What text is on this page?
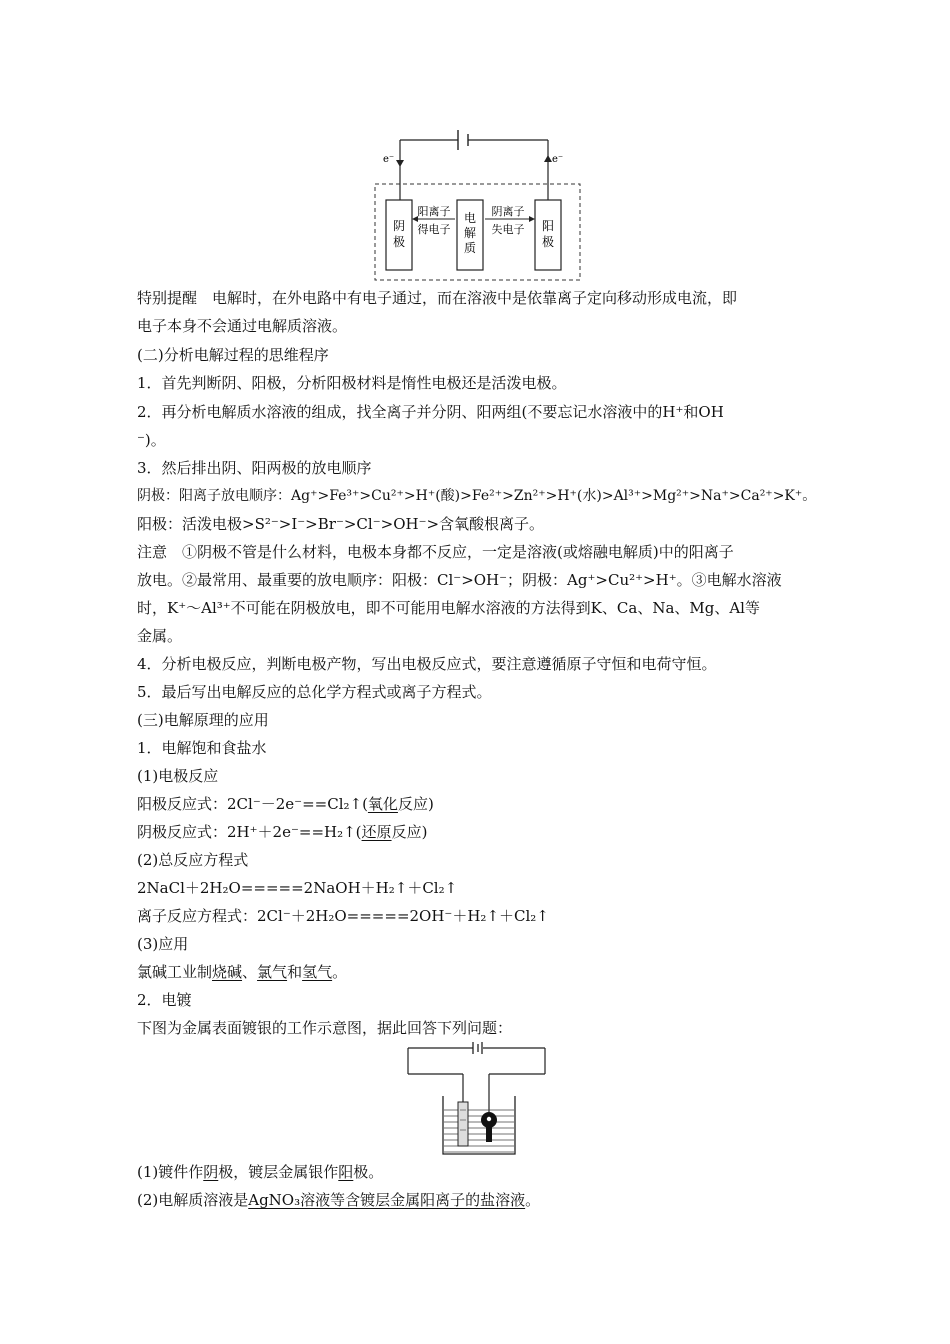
e⁻	e⁻
阴
极
阳
极
电
解
质
阳离子
得电子
阴离子
失电子
特别提醒　电解时，在外电路中有电子通过，而在溶液中是依靠离子定向移动形成电流，即
电子本身不会通过电解质溶液。
(二)分析电解过程的思维程序
1．首先判断阴、阳极，分析阳极材料是惰性电极还是活泼电极。
2．再分析电解质水溶液的组成，找全离子并分阴、阳两组(不要忘记水溶液中的H⁺和OH
⁻)。
3．然后排出阴、阳两极的放电顺序
阴极：阳离子放电顺序：Ag⁺>Fe³⁺>Cu²⁺>H⁺(酸)>Fe²⁺>Zn²⁺>H⁺(水)>Al³⁺>Mg²⁺>Na⁺>Ca²⁺>K⁺。
阳极：活泼电极>S²⁻>I⁻>Br⁻>Cl⁻>OH⁻>含氧酸根离子。
注意　①阴极不管是什么材料，电极本身都不反应，一定是溶液(或熔融电解质)中的阳离子
放电。②最常用、最重要的放电顺序：阳极：Cl⁻>OH⁻；阴极：Ag⁺>Cu²⁺>H⁺。③电解水溶液
时，K⁺～Al³⁺不可能在阴极放电，即不可能用电解水溶液的方法得到K、Ca、Na、Mg、Al等
金属。
4．分析电极反应，判断电极产物，写出电极反应式，要注意遵循原子守恒和电荷守恒。
5．最后写出电解反应的总化学方程式或离子方程式。
(三)电解原理的应用
1．电解饱和食盐水
(1)电极反应
阳极反应式：2Cl⁻－2e⁻==Cl₂↑(氧化反应)
阴极反应式：2H⁺＋2e⁻==H₂↑(还原反应)
(2)总反应方程式
2NaCl＋2H₂O=====2NaOH＋H₂↑＋Cl₂↑
离子反应方程式：2Cl⁻＋2H₂O=====2OH⁻＋H₂↑＋Cl₂↑
(3)应用
氯碱工业制烧碱、氯气和氢气。
2．电镀
下图为金属表面镀银的工作示意图，据此回答下列问题：
(1)镀件作阴极，镀层金属银作阳极。
(2)电解质溶液是AgNO₃溶液等含镀层金属阳离子的盐溶液。
